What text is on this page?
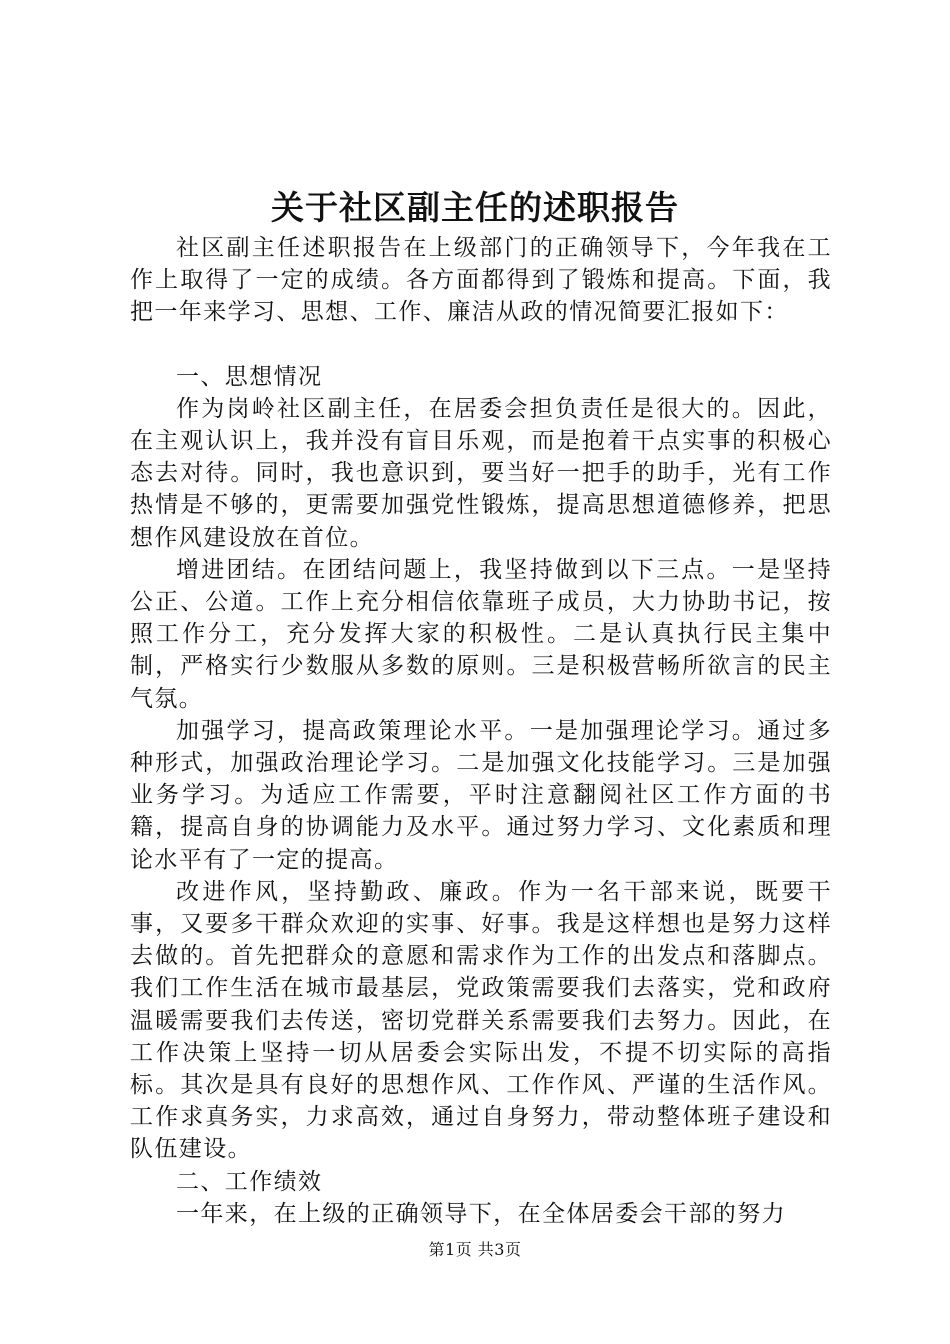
关于社区副主任的述职报告

社区副主任述职报告在上级部门的正确领导下，今年我在工作上取得了一定的成绩。各方面都得到了锻炼和提高。下面，我把一年来学习、思想、工作、廉洁从政的情况简要汇报如下：

一、思想情况

作为岗岭社区副主任，在居委会担负责任是很大的。因此，在主观认识上，我并没有盲目乐观，而是抱着干点实事的积极心态去对待。同时，我也意识到，要当好一把手的助手，光有工作热情是不够的，更需要加强党性锻炼，提高思想道德修养，把思想作风建设放在首位。

增进团结。在团结问题上，我坚持做到以下三点。一是坚持公正、公道。工作上充分相信依靠班子成员，大力协助书记，按照工作分工，充分发挥大家的积极性。二是认真执行民主集中制，严格实行少数服从多数的原则。三是积极营畅所欲言的民主气氛。

加强学习，提高政策理论水平。一是加强理论学习。通过多种形式，加强政治理论学习。二是加强文化技能学习。三是加强业务学习。为适应工作需要，平时注意翻阅社区工作方面的书籍，提高自身的协调能力及水平。通过努力学习、文化素质和理论水平有了一定的提高。

改进作风，坚持勤政、廉政。作为一名干部来说，既要干事，又要多干群众欢迎的实事、好事。我是这样想也是努力这样去做的。首先把群众的意愿和需求作为工作的出发点和落脚点。我们工作生活在城市最基层，党政策需要我们去落实，党和政府温暖需要我们去传送，密切党群关系需要我们去努力。因此，在工作决策上坚持一切从居委会实际出发，不提不切实际的高指标。其次是具有良好的思想作风、工作作风、严谨的生活作风。工作求真务实，力求高效，通过自身努力，带动整体班子建设和队伍建设。

二、工作绩效

一年来，在上级的正确领导下，在全体居委会干部的努力

第1页 共3页
